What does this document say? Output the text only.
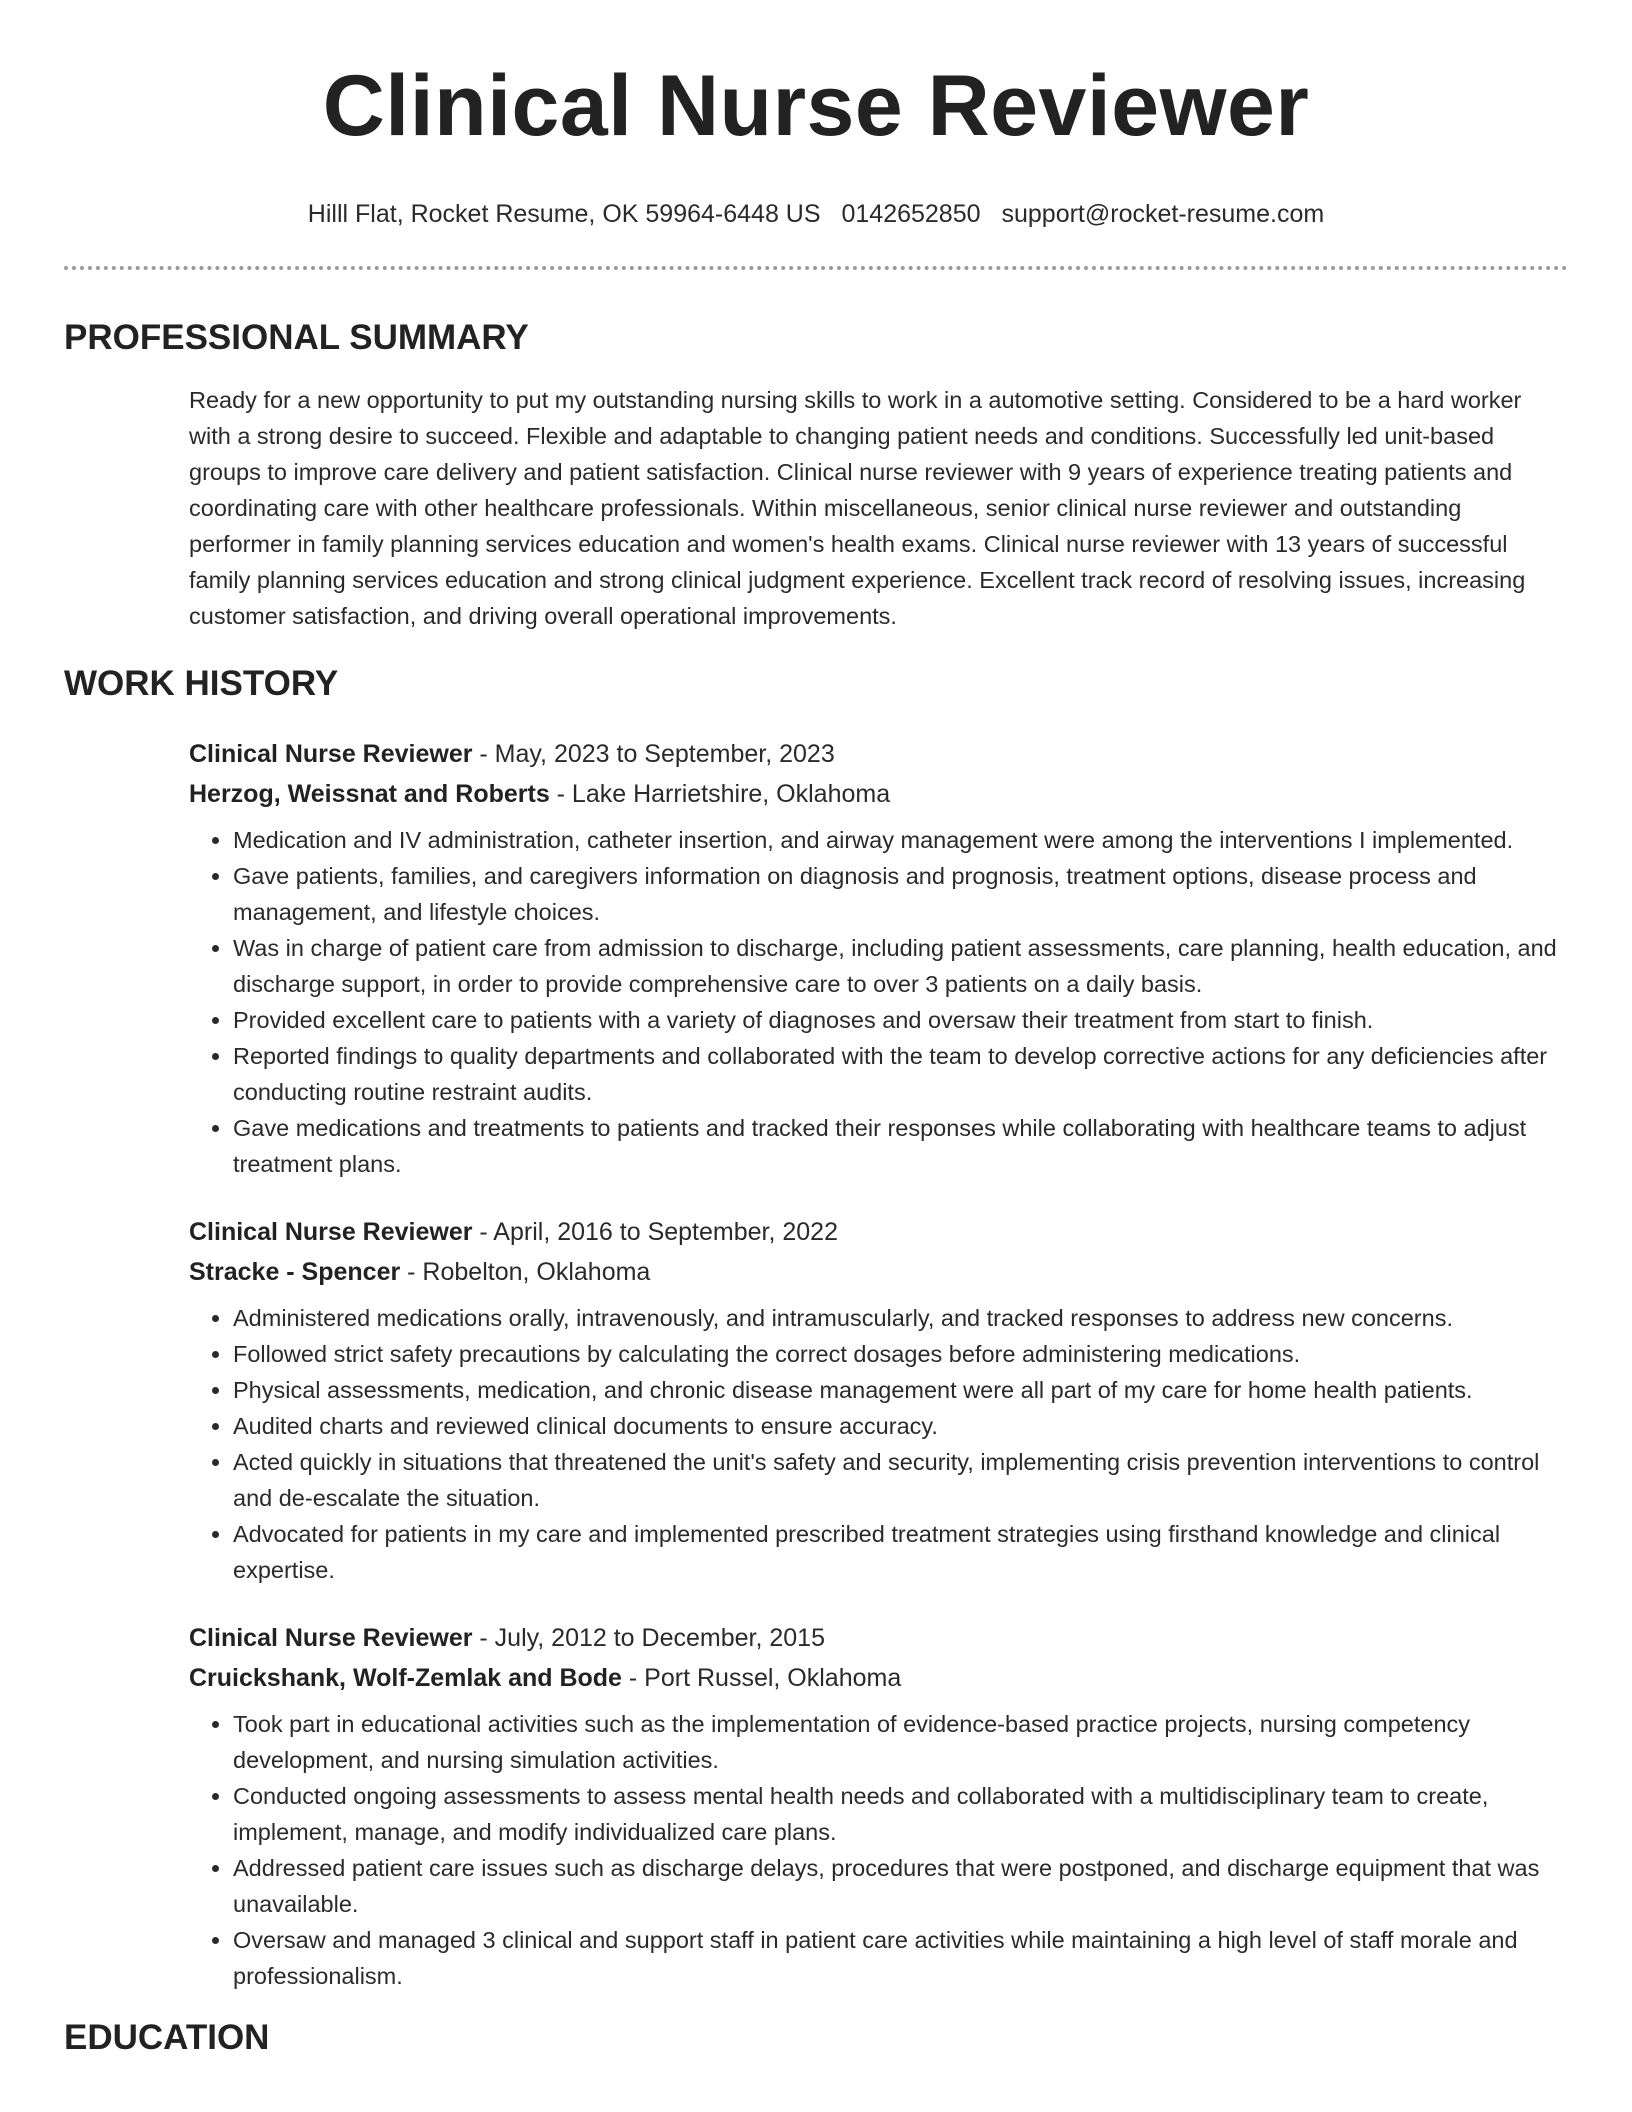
Clinical Nurse Reviewer
Hilll Flat, Rocket Resume, OK 59964-6448 US 0142652850 support@rocket-resume.com
PROFESSIONAL SUMMARY
Ready for a new opportunity to put my outstanding nursing skills to work in a automotive setting. Considered to be a hard worker with a strong desire to succeed. Flexible and adaptable to changing patient needs and conditions. Successfully led unit-based groups to improve care delivery and patient satisfaction. Clinical nurse reviewer with 9 years of experience treating patients and coordinating care with other healthcare professionals. Within miscellaneous, senior clinical nurse reviewer and outstanding performer in family planning services education and women's health exams. Clinical nurse reviewer with 13 years of successful family planning services education and strong clinical judgment experience. Excellent track record of resolving issues, increasing customer satisfaction, and driving overall operational improvements.
WORK HISTORY
Clinical Nurse Reviewer - May, 2023 to September, 2023
Herzog, Weissnat and Roberts - Lake Harrietshire, Oklahoma
• Medication and IV administration, catheter insertion, and airway management were among the interventions I implemented.
• Gave patients, families, and caregivers information on diagnosis and prognosis, treatment options, disease process and management, and lifestyle choices.
• Was in charge of patient care from admission to discharge, including patient assessments, care planning, health education, and discharge support, in order to provide comprehensive care to over 3 patients on a daily basis.
• Provided excellent care to patients with a variety of diagnoses and oversaw their treatment from start to finish.
• Reported findings to quality departments and collaborated with the team to develop corrective actions for any deficiencies after conducting routine restraint audits.
• Gave medications and treatments to patients and tracked their responses while collaborating with healthcare teams to adjust treatment plans.
Clinical Nurse Reviewer - April, 2016 to September, 2022
Stracke - Spencer - Robelton, Oklahoma
• Administered medications orally, intravenously, and intramuscularly, and tracked responses to address new concerns.
• Followed strict safety precautions by calculating the correct dosages before administering medications.
• Physical assessments, medication, and chronic disease management were all part of my care for home health patients.
• Audited charts and reviewed clinical documents to ensure accuracy.
• Acted quickly in situations that threatened the unit's safety and security, implementing crisis prevention interventions to control and de-escalate the situation.
• Advocated for patients in my care and implemented prescribed treatment strategies using firsthand knowledge and clinical expertise.
Clinical Nurse Reviewer - July, 2012 to December, 2015
Cruickshank, Wolf-Zemlak and Bode - Port Russel, Oklahoma
• Took part in educational activities such as the implementation of evidence-based practice projects, nursing competency development, and nursing simulation activities.
• Conducted ongoing assessments to assess mental health needs and collaborated with a multidisciplinary team to create, implement, manage, and modify individualized care plans.
• Addressed patient care issues such as discharge delays, procedures that were postponed, and discharge equipment that was unavailable.
• Oversaw and managed 3 clinical and support staff in patient care activities while maintaining a high level of staff morale and professionalism.
EDUCATION
